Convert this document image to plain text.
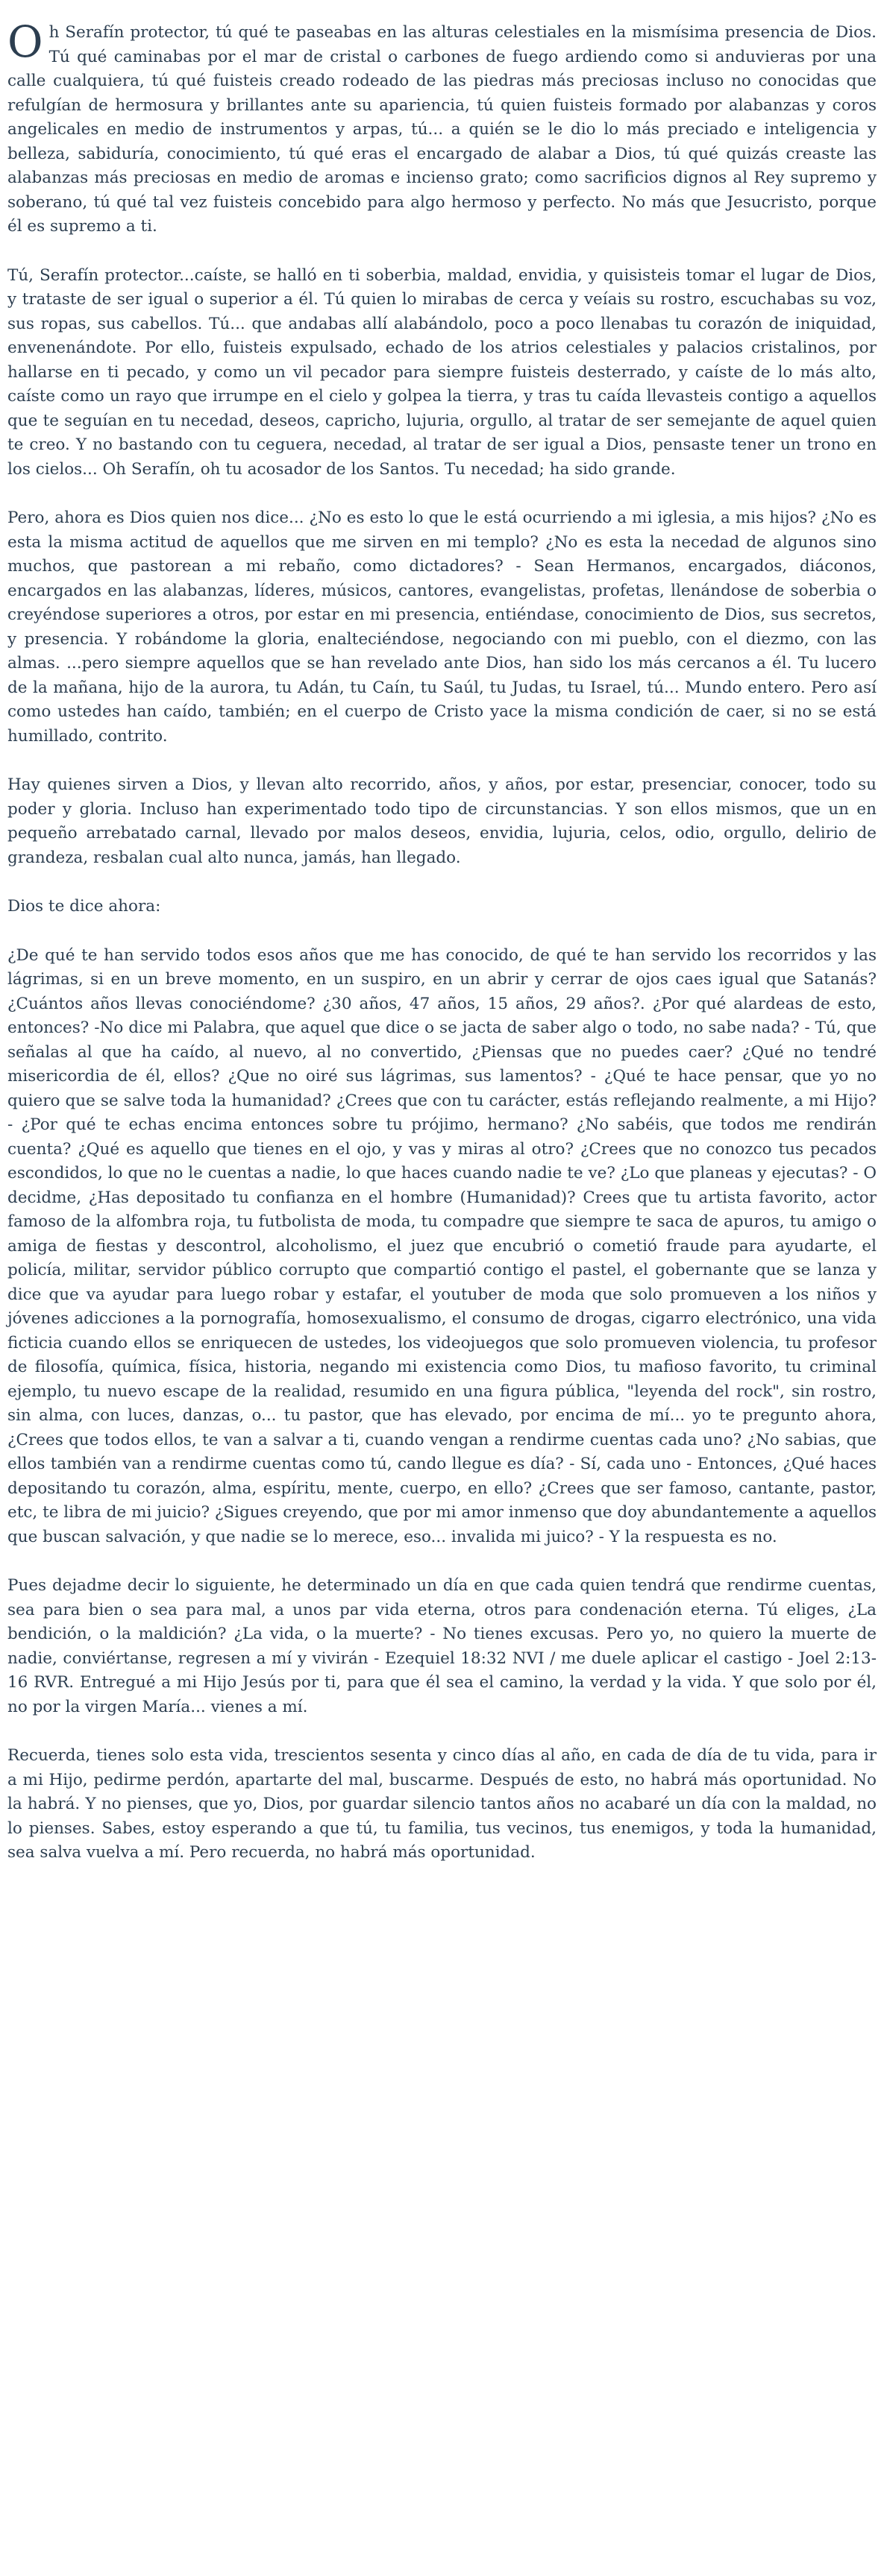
Oh Serafín protector, tú qué te paseabas en las alturas celestiales en la mismísima presencia de Dios. Tú qué caminabas por el mar de cristal o carbones de fuego ardiendo como si anduvieras por una calle cualquiera, tú qué fuisteis creado rodeado de las piedras más preciosas incluso no conocidas que refulgían de hermosura y brillantes ante su apariencia, tú quien fuisteis formado por alabanzas y coros angelicales en medio de instrumentos y arpas, tú... a quién se le dio lo más preciado e inteligencia y belleza, sabiduría, conocimiento, tú qué eras el encargado de alabar a Dios, tú qué quizás creaste las alabanzas más preciosas en medio de aromas e incienso grato; como sacrificios dignos al Rey supremo y soberano, tú qué tal vez fuisteis concebido para algo hermoso y perfecto. No más que Jesucristo, porque él es supremo a ti.

Tú, Serafín protector...caíste, se halló en ti soberbia, maldad, envidia, y quisisteis tomar el lugar de Dios, y trataste de ser igual o superior a él. Tú quien lo mirabas de cerca y veíais su rostro, escuchabas su voz, sus ropas, sus cabellos. Tú... que andabas allí alabándolo, poco a poco llenabas tu corazón de iniquidad, envenenándote. Por ello, fuisteis expulsado, echado de los atrios celestiales y palacios cristalinos, por hallarse en ti pecado, y como un vil pecador para siempre fuisteis desterrado, y caíste de lo más alto, caíste como un rayo que irrumpe en el cielo y golpea la tierra, y tras tu caída llevasteis contigo a aquellos que te seguían en tu necedad, deseos, capricho, lujuria, orgullo, al tratar de ser semejante de aquel quien te creo. Y no bastando con tu ceguera, necedad, al tratar de ser igual a Dios, pensaste tener un trono en los cielos... Oh Serafín, oh tu acosador de los Santos. Tu necedad; ha sido grande.

Pero, ahora es Dios quien nos dice... ¿No es esto lo que le está ocurriendo a mi iglesia, a mis hijos? ¿No es esta la misma actitud de aquellos que me sirven en mi templo? ¿No es esta la necedad de algunos sino muchos, que pastorean a mi rebaño, como dictadores? - Sean Hermanos, encargados, diáconos, encargados en las alabanzas, líderes, músicos, cantores, evangelistas, profetas, llenándose de soberbia o creyéndose superiores a otros, por estar en mi presencia, entiéndase, conocimiento de Dios, sus secretos, y presencia. Y robándome la gloria, enalteciéndose, negociando con mi pueblo, con el diezmo, con las almas. ...pero siempre aquellos que se han revelado ante Dios, han sido los más cercanos a él. Tu lucero de la mañana, hijo de la aurora, tu Adán, tu Caín, tu Saúl, tu Judas, tu Israel, tú... Mundo entero. Pero así como ustedes han caído, también; en el cuerpo de Cristo yace la misma condición de caer, si no se está humillado, contrito.

Hay quienes sirven a Dios, y llevan alto recorrido, años, y años, por estar, presenciar, conocer, todo su poder y gloria. Incluso han experimentado todo tipo de circunstancias. Y son ellos mismos, que un en pequeño arrebatado carnal, llevado por malos deseos, envidia, lujuria, celos, odio, orgullo, delirio de grandeza, resbalan cual alto nunca, jamás, han llegado.

Dios te dice ahora:

¿De qué te han servido todos esos años que me has conocido, de qué te han servido los recorridos y las lágrimas, si en un breve momento, en un suspiro, en un abrir y cerrar de ojos caes igual que Satanás? ¿Cuántos años llevas conociéndome? ¿30 años, 47 años, 15 años, 29 años?. ¿Por qué alardeas de esto, entonces? -No dice mi Palabra, que aquel que dice o se jacta de saber algo o todo, no sabe nada? - Tú, que señalas al que ha caído, al nuevo, al no convertido, ¿Piensas que no puedes caer? ¿Qué no tendré misericordia de él, ellos? ¿Que no oiré sus lágrimas, sus lamentos? - ¿Qué te hace pensar, que yo no quiero que se salve toda la humanidad? ¿Crees que con tu carácter, estás reflejando realmente, a mi Hijo? - ¿Por qué te echas encima entonces sobre tu prójimo, hermano? ¿No sabéis, que todos me rendirán cuenta? ¿Qué es aquello que tienes en el ojo, y vas y miras al otro? ¿Crees que no conozco tus pecados escondidos, lo que no le cuentas a nadie, lo que haces cuando nadie te ve? ¿Lo que planeas y ejecutas? - O decidme, ¿Has depositado tu confianza en el hombre (Humanidad)? Crees que tu artista favorito, actor famoso de la alfombra roja, tu futbolista de moda, tu compadre que siempre te saca de apuros, tu amigo o amiga de fiestas y descontrol, alcoholismo, el juez que encubrió o cometió fraude para ayudarte, el policía, militar, servidor público corrupto que compartió contigo el pastel, el gobernante que se lanza y dice que va ayudar para luego robar y estafar, el youtuber de moda que solo promueven a los niños y jóvenes adicciones a la pornografía, homosexualismo, el consumo de drogas, cigarro electrónico, una vida ficticia cuando ellos se enriquecen de ustedes, los videojuegos que solo promueven violencia, tu profesor de filosofía, química, física, historia, negando mi existencia como Dios, tu mafioso favorito, tu criminal ejemplo, tu nuevo escape de la realidad, resumido en una figura pública, "leyenda del rock", sin rostro, sin alma, con luces, danzas, o... tu pastor, que has elevado, por encima de mí... yo te pregunto ahora, ¿Crees que todos ellos, te van a salvar a ti, cuando vengan a rendirme cuentas cada uno? ¿No sabias, que ellos también van a rendirme cuentas como tú, cando llegue es día? - Sí, cada uno - Entonces, ¿Qué haces depositando tu corazón, alma, espíritu, mente, cuerpo, en ello? ¿Crees que ser famoso, cantante, pastor, etc, te libra de mi juicio? ¿Sigues creyendo, que por mi amor inmenso que doy abundantemente a aquellos que buscan salvación, y que nadie se lo merece, eso... invalida mi juico? - Y la respuesta es no.

Pues dejadme decir lo siguiente, he determinado un día en que cada quien tendrá que rendirme cuentas, sea para bien o sea para mal, a unos par vida eterna, otros para condenación eterna. Tú eliges, ¿La bendición, o la maldición? ¿La vida, o la muerte? - No tienes excusas. Pero yo, no quiero la muerte de nadie, conviértanse, regresen a mí y vivirán - Ezequiel 18:32 NVI / me duele aplicar el castigo - Joel 2:13-16 RVR. Entregué a mi Hijo Jesús por ti, para que él sea el camino, la verdad y la vida. Y que solo por él, no por la virgen María... vienes a mí.

Recuerda, tienes solo esta vida, trescientos sesenta y cinco días al año, en cada de día de tu vida, para ir a mi Hijo, pedirme perdón, apartarte del mal, buscarme. Después de esto, no habrá más oportunidad. No la habrá. Y no pienses, que yo, Dios, por guardar silencio tantos años no acabaré un día con la maldad, no lo pienses. Sabes, estoy esperando a que tú, tu familia, tus vecinos, tus enemigos, y toda la humanidad, sea salva vuelva a mí. Pero recuerda, no habrá más oportunidad.
